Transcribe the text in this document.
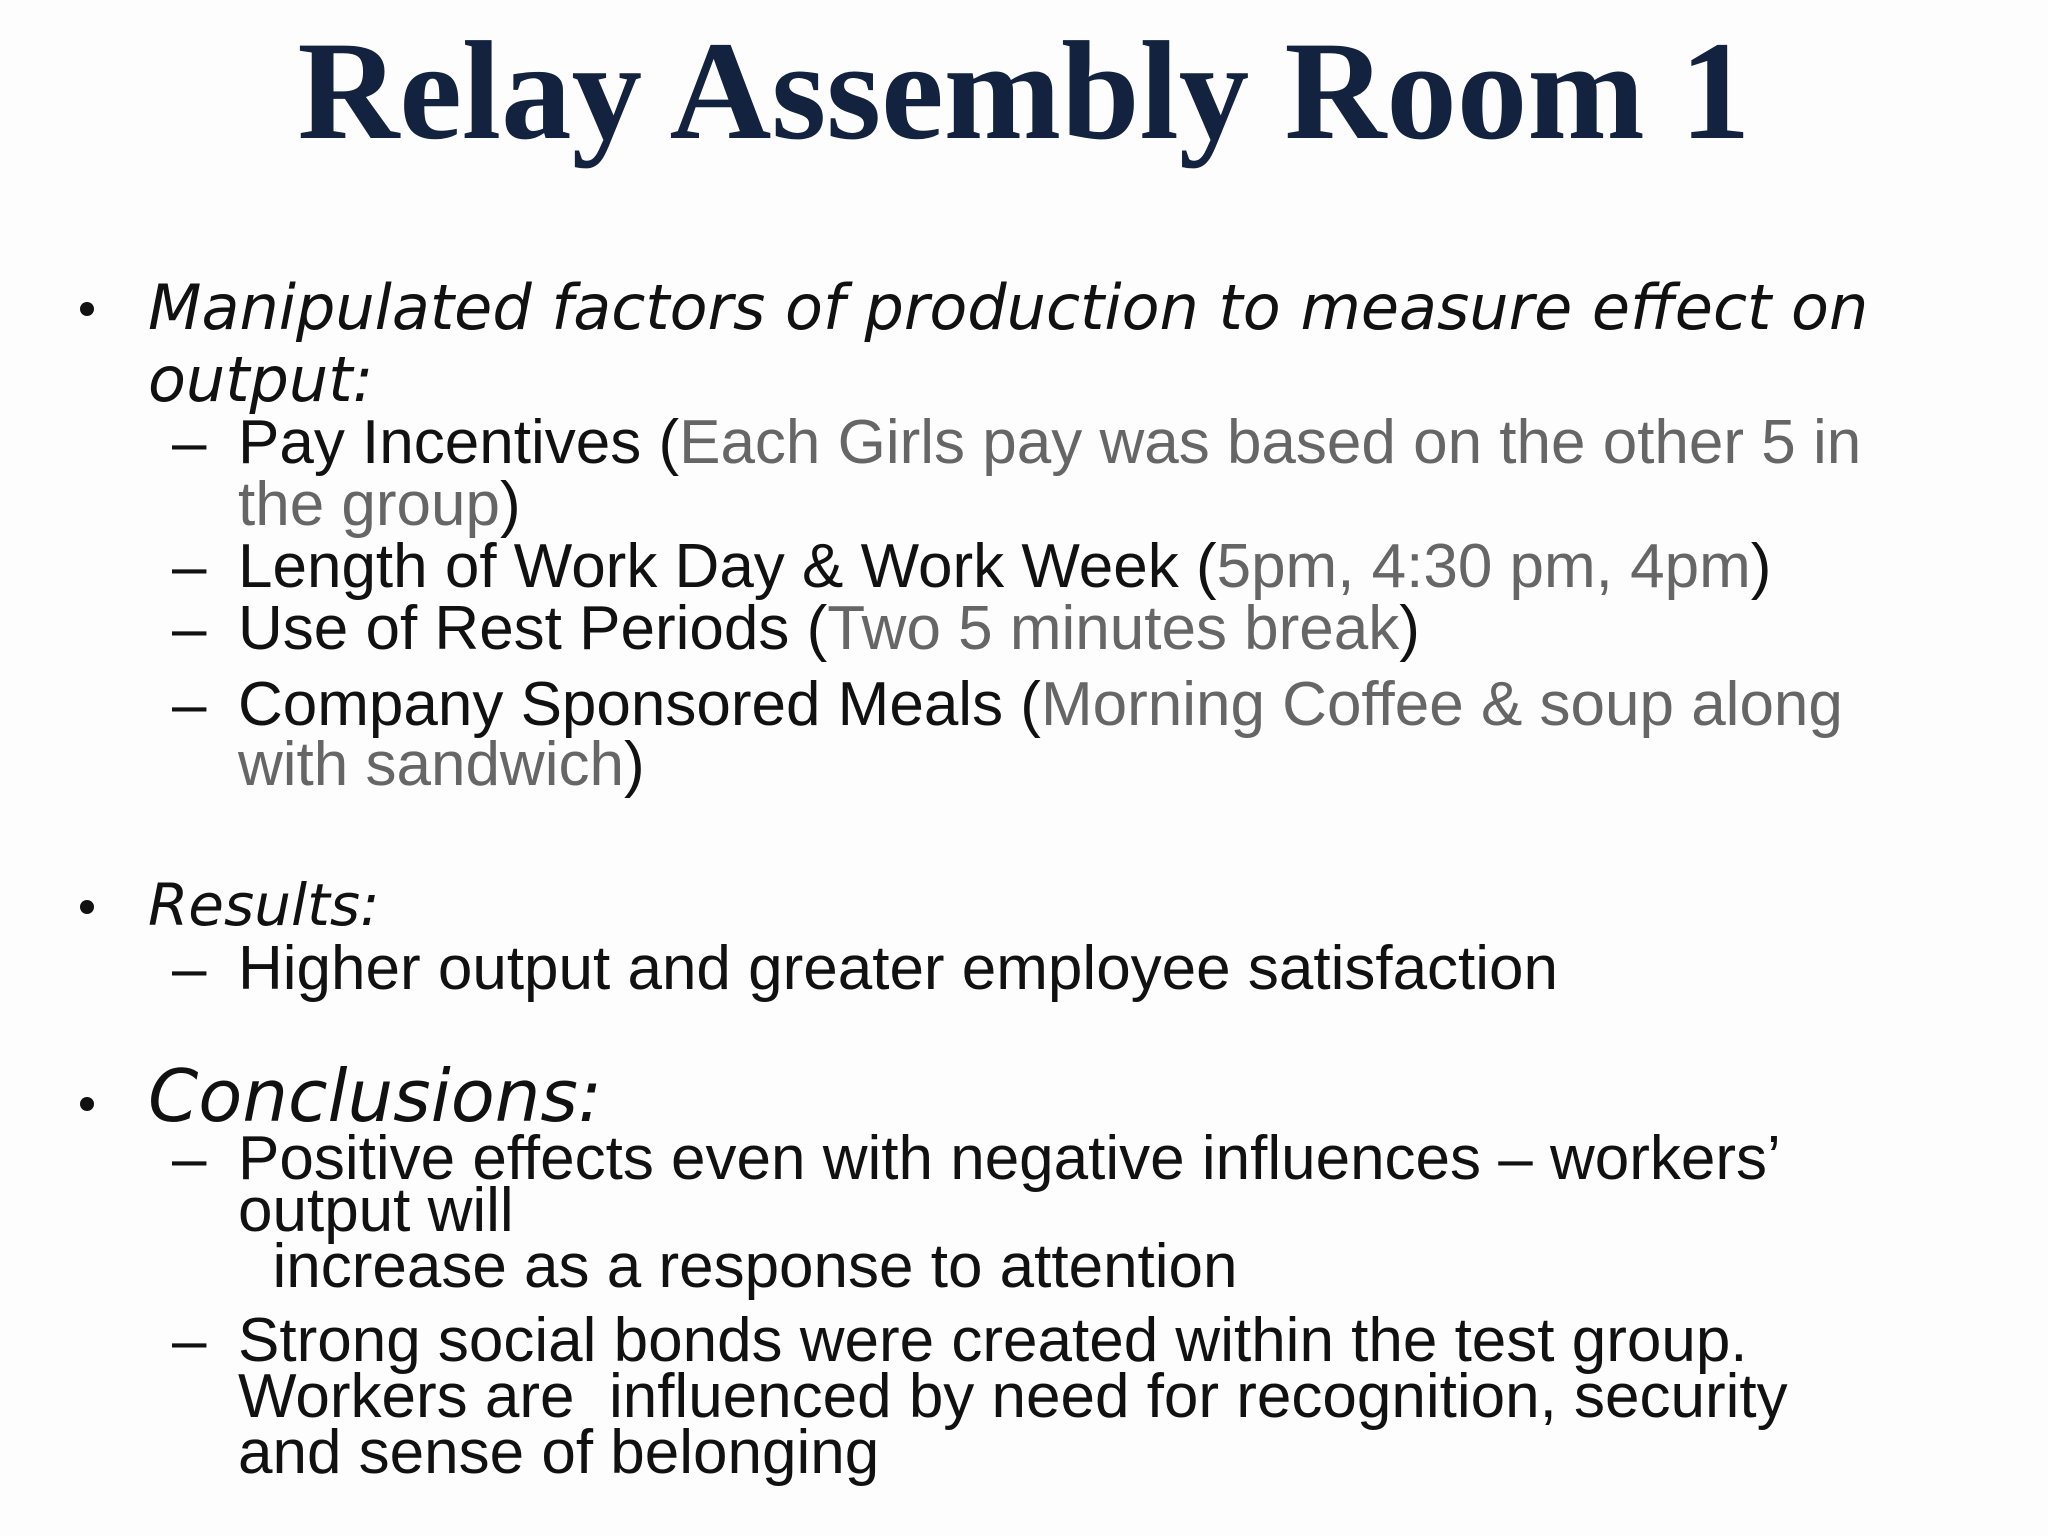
Relay Assembly Room 1
Manipulated factors of production to measure effect on
output:
– Pay Incentives (Each Girls pay was based on the other 5 in
the group)
– Length of Work Day & Work Week (5pm, 4:30 pm, 4pm)
– Use of Rest Periods (Two 5 minutes break)
– Company Sponsored Meals (Morning Coffee & soup along
with sandwich)
Results:
– Higher output and greater employee satisfaction
Conclusions:
– Positive effects even with negative influences – workers’
output will
increase as a response to attention
– Strong social bonds were created within the test group.
Workers are  influenced by need for recognition, security
and sense of belonging
